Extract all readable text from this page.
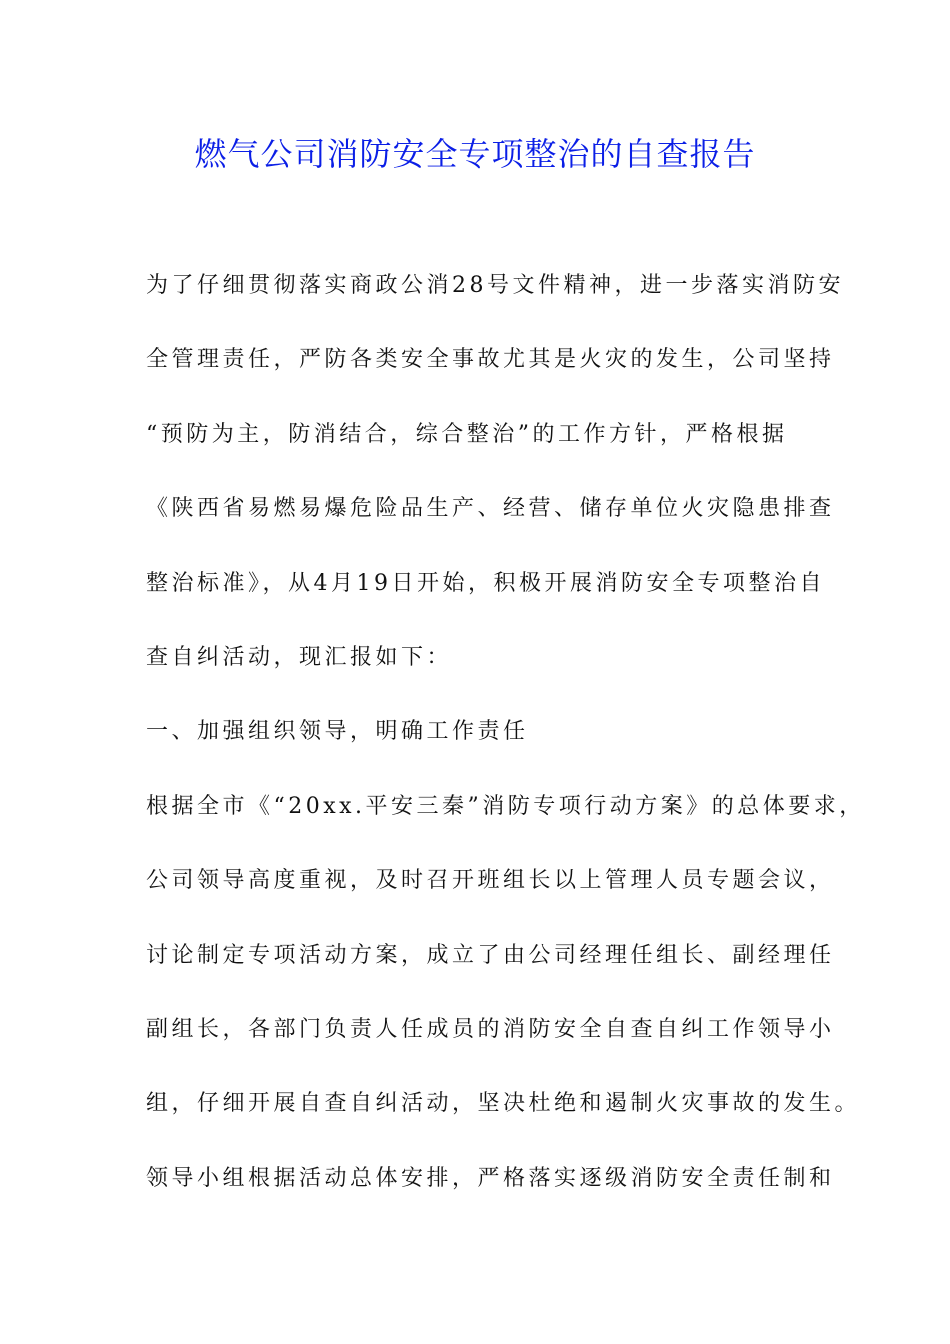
燃气公司消防安全专项整治的自查报告
为了仔细贯彻落实商政公消28号文件精神，进一步落实消防安
全管理责任，严防各类安全事故尤其是火灾的发生，公司坚持
“预防为主，防消结合，综合整治”的工作方针，严格根据
《陕西省易燃易爆危险品生产、经营、储存单位火灾隐患排查
整治标准》，从4月19日开始，积极开展消防安全专项整治自
查自纠活动，现汇报如下：
一、加强组织领导，明确工作责任
根据全市《“20xx.平安三秦”消防专项行动方案》的总体要求，
公司领导高度重视，及时召开班组长以上管理人员专题会议，
讨论制定专项活动方案，成立了由公司经理任组长、副经理任
副组长，各部门负责人任成员的消防安全自查自纠工作领导小
组，仔细开展自查自纠活动，坚决杜绝和遏制火灾事故的发生。
领导小组根据活动总体安排，严格落实逐级消防安全责任制和
